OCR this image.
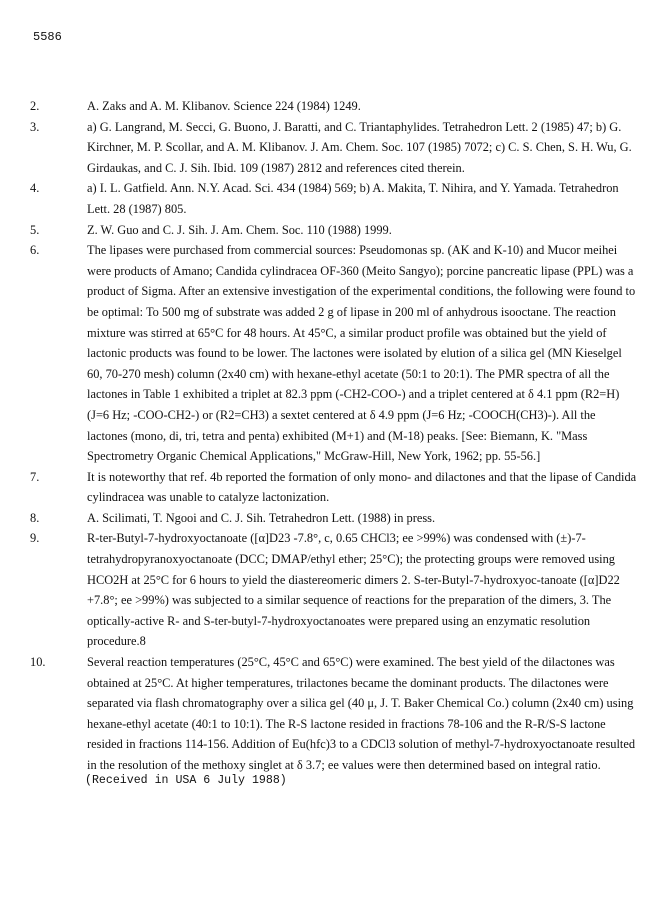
5586
2.	A. Zaks and A. M. Klibanov. Science 224 (1984) 1249.
3.	a) G. Langrand, M. Secci, G. Buono, J. Baratti, and C. Triantaphylides. Tetrahedron Lett. 2 (1985) 47; b) G. Kirchner, M. P. Scollar, and A. M. Klibanov. J. Am. Chem. Soc. 107 (1985) 7072; c) C. S. Chen, S. H. Wu, G. Girdaukas, and C. J. Sih. Ibid. 109 (1987) 2812 and references cited therein.
4.	a) I. L. Gatfield. Ann. N.Y. Acad. Sci. 434 (1984) 569; b) A. Makita, T. Nihira, and Y. Yamada. Tetrahedron Lett. 28 (1987) 805.
5.	Z. W. Guo and C. J. Sih. J. Am. Chem. Soc. 110 (1988) 1999.
6.	The lipases were purchased from commercial sources: Pseudomonas sp. (AK and K-10) and Mucor meihei were products of Amano; Candida cylindracea OF-360 (Meito Sangyo); porcine pancreatic lipase (PPL) was a product of Sigma. After an extensive investigation of the experimental conditions, the following were found to be optimal: To 500 mg of substrate was added 2 g of lipase in 200 ml of anhydrous isooctane. The reaction mixture was stirred at 65°C for 48 hours. At 45°C, a similar product profile was obtained but the yield of lactonic products was found to be lower. The lactones were isolated by elution of a silica gel (MN Kieselgel 60, 70-270 mesh) column (2x40 cm) with hexane-ethyl acetate (50:1 to 20:1). The PMR spectra of all the lactones in Table 1 exhibited a triplet at 82.3 ppm (-CH2-COO-) and a triplet centered at δ 4.1 ppm (R2=H) (J=6 Hz; -COO-CH2-) or (R2=CH3) a sextet centered at δ 4.9 ppm (J=6 Hz; -COOCH(CH3)-). All the lactones (mono, di, tri, tetra and penta) exhibited (M+1) and (M-18) peaks. [See: Biemann, K. "Mass Spectrometry Organic Chemical Applications," McGraw-Hill, New York, 1962; pp. 55-56.]
7.	It is noteworthy that ref. 4b reported the formation of only mono- and dilactones and that the lipase of Candida cylindracea was unable to catalyze lactonization.
8.	A. Scilimati, T. Ngooi and C. J. Sih. Tetrahedron Lett. (1988) in press.
9.	R-ter-Butyl-7-hydroxyoctanoate ([α]D23 -7.8°, c, 0.65 CHCl3; ee >99%) was condensed with (±)-7-tetrahydropyranoxyoctanoate (DCC; DMAP/ethyl ether; 25°C); the protecting groups were removed using HCO2H at 25°C for 6 hours to yield the diastereomeric dimers 2. S-ter-Butyl-7-hydroxyoc-tanoate ([α]D22 +7.8°; ee >99%) was subjected to a similar sequence of reactions for the preparation of the dimers, 3. The optically-active R- and S-ter-butyl-7-hydroxyoctanoates were prepared using an enzymatic resolution procedure.8
10.	Several reaction temperatures (25°C, 45°C and 65°C) were examined. The best yield of the dilactones was obtained at 25°C. At higher temperatures, trilactones became the dominant products. The dilactones were separated via flash chromatography over a silica gel (40 μ, J. T. Baker Chemical Co.) column (2x40 cm) using hexane-ethyl acetate (40:1 to 10:1). The R-S lactone resided in fractions 78-106 and the R-R/S-S lactone resided in fractions 114-156. Addition of Eu(hfc)3 to a CDCl3 solution of methyl-7-hydroxyoctanoate resulted in the resolution of the methoxy singlet at δ 3.7; ee values were then determined based on integral ratio.
(Received in USA 6 July 1988)
